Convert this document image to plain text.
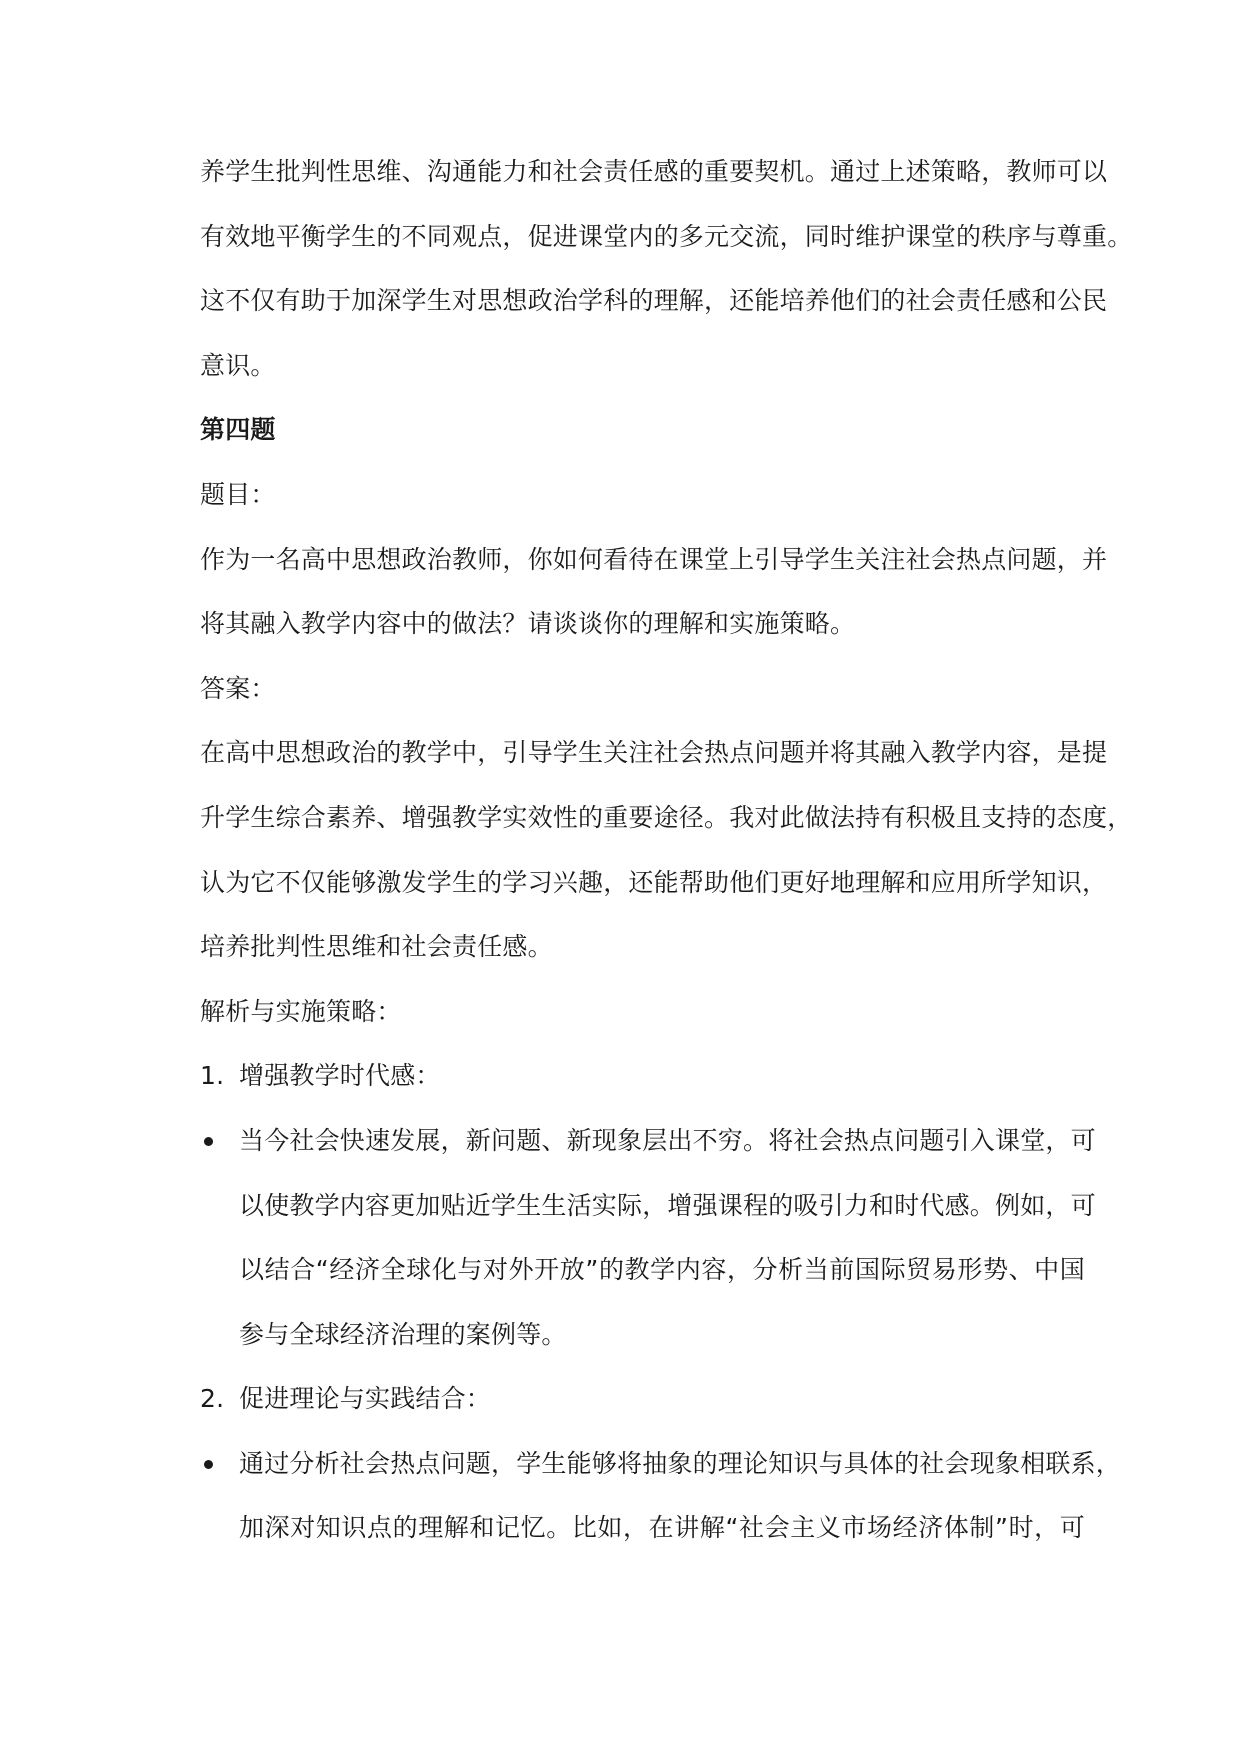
养学生批判性思维、沟通能力和社会责任感的重要契机。通过上述策略，教师可以
有效地平衡学生的不同观点，促进课堂内的多元交流，同时维护课堂的秩序与尊重。
这不仅有助于加深学生对思想政治学科的理解，还能培养他们的社会责任感和公民
意识。
第四题
题目：
作为一名高中思想政治教师，你如何看待在课堂上引导学生关注社会热点问题，并
将其融入教学内容中的做法？请谈谈你的理解和实施策略。
答案：
在高中思想政治的教学中，引导学生关注社会热点问题并将其融入教学内容，是提
升学生综合素养、增强教学实效性的重要途径。我对此做法持有积极且支持的态度，
认为它不仅能够激发学生的学习兴趣，还能帮助他们更好地理解和应用所学知识，
培养批判性思维和社会责任感。
解析与实施策略：
1. 增强教学时代感：
当今社会快速发展，新问题、新现象层出不穷。将社会热点问题引入课堂，可
以使教学内容更加贴近学生生活实际，增强课程的吸引力和时代感。例如，可
以结合“经济全球化与对外开放”的教学内容，分析当前国际贸易形势、中国
参与全球经济治理的案例等。
2. 促进理论与实践结合：
通过分析社会热点问题，学生能够将抽象的理论知识与具体的社会现象相联系，
加深对知识点的理解和记忆。比如，在讲解“社会主义市场经济体制”时，可
